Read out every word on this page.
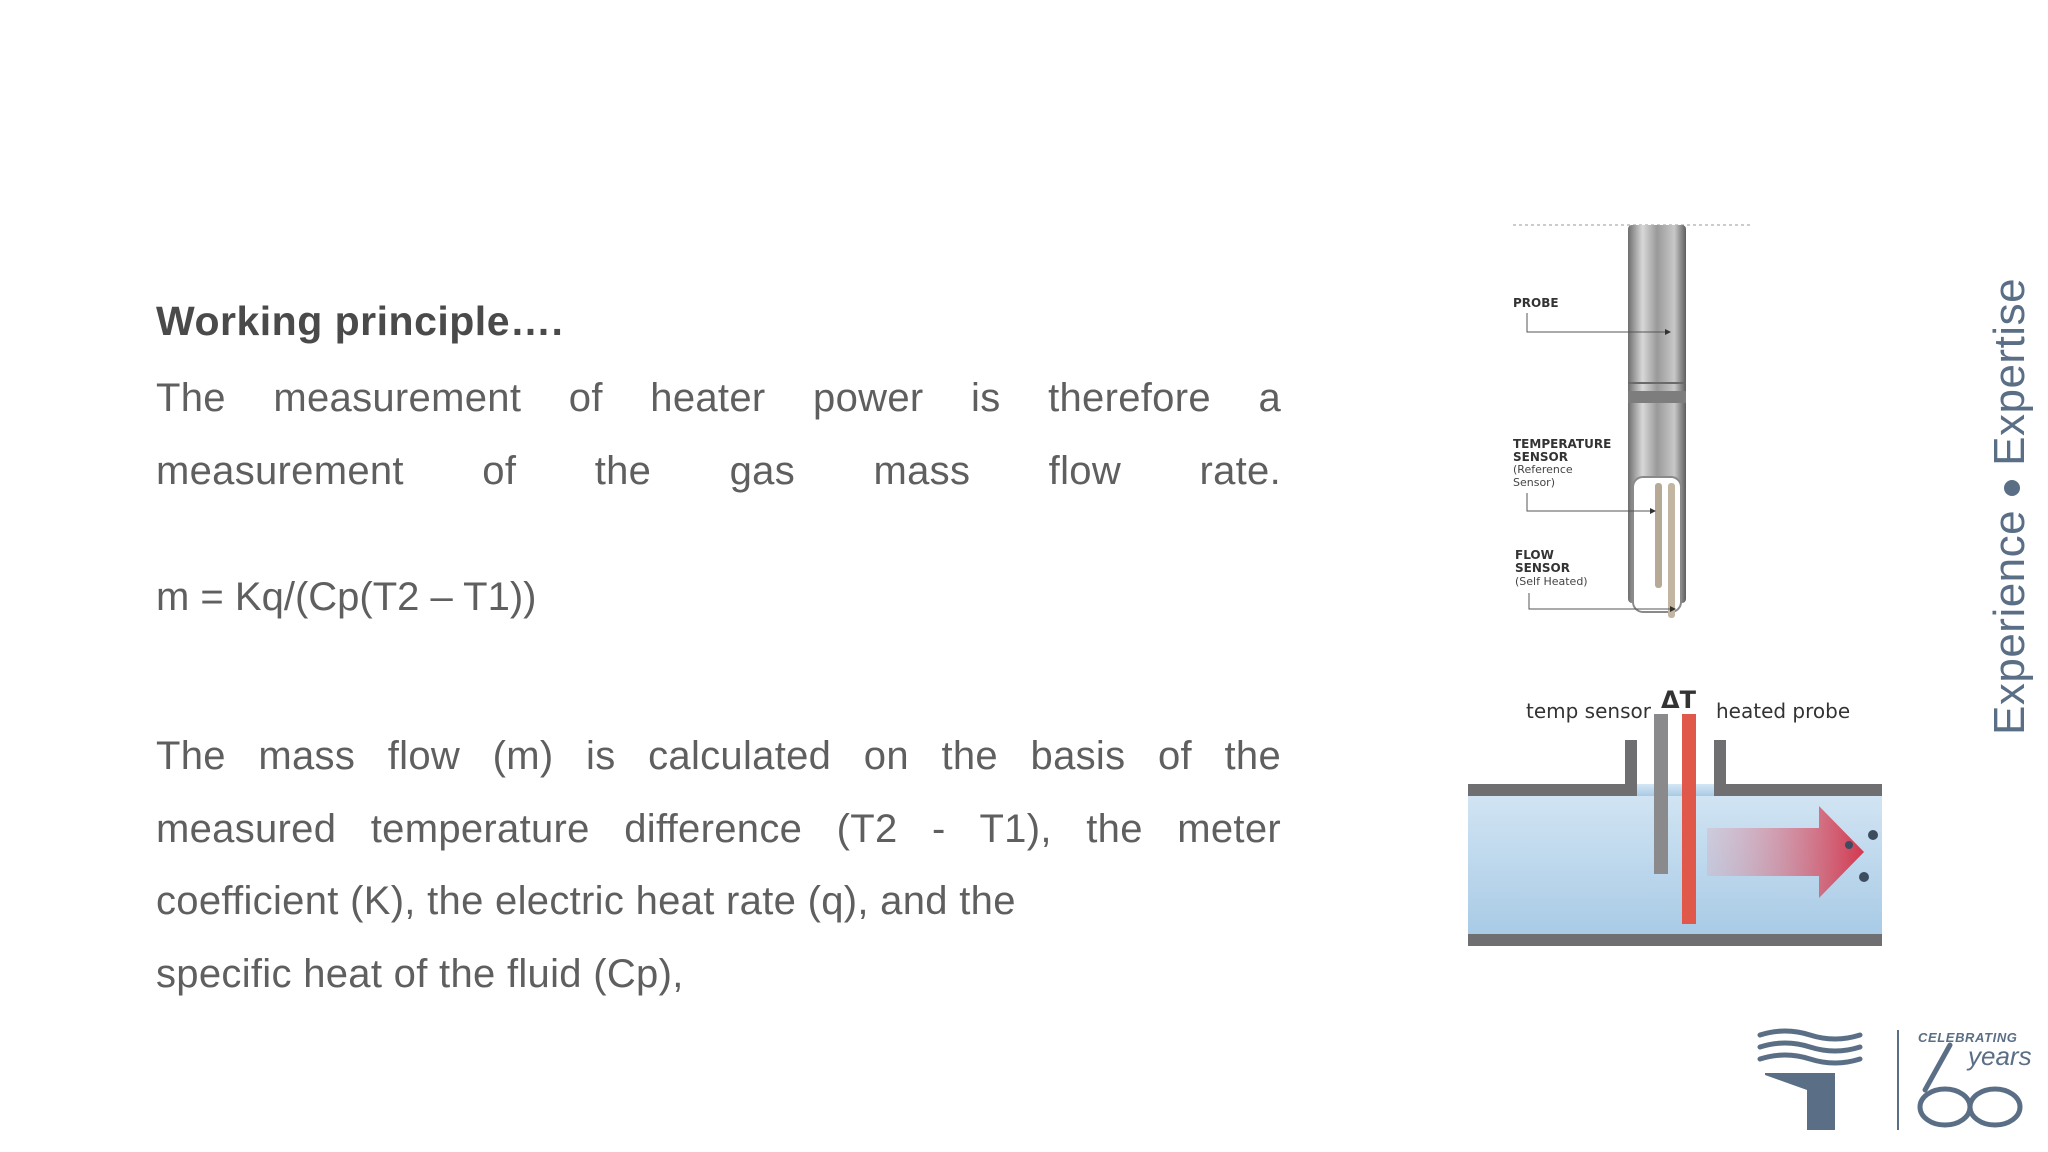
Working principle….

The measurement of heater power is therefore a measurement of the gas mass flow rate.

m = Kq/(Cp(T2 – T1))
The mass flow (m) is calculated on the basis of the
measured temperature difference (T2 - T1), the meter
coefficient (K), the electric heat rate (q), and the
specific heat of the fluid (Cp),
PROBE
TEMPERATURE
SENSOR
FLOW
SENSOR
(Reference
Sensor)
(Self Heated)
temp sensor ΔT heated probe	ExperienceExpertise
CELEBRATING
years
